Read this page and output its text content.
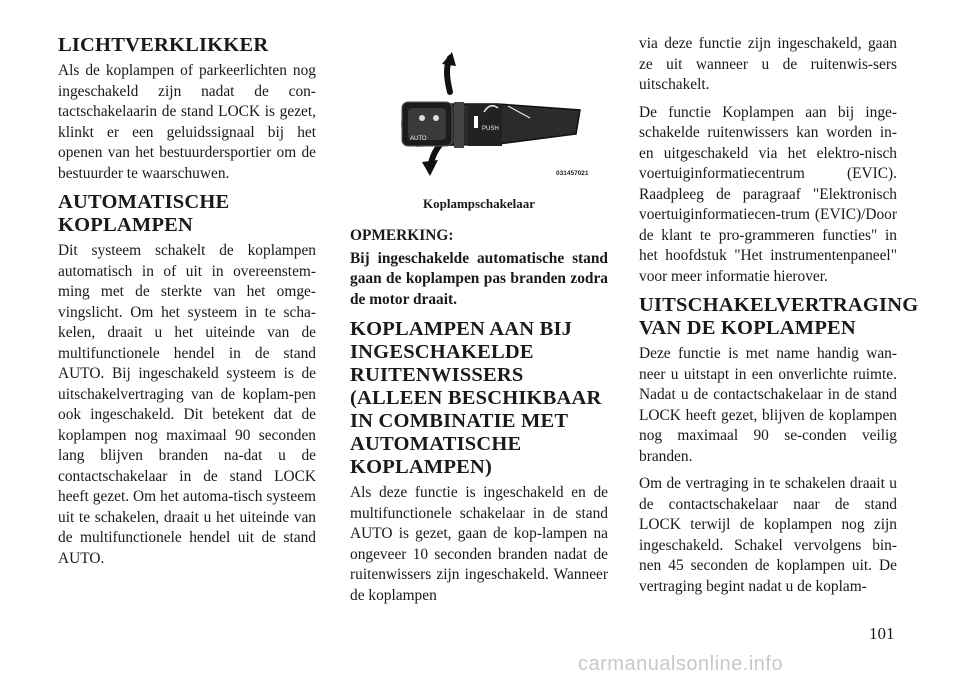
LICHTVERKLIKKER

Als de koplampen of parkeerlichten nog ingeschakeld zijn nadat de con-tactschakelaarin de stand LOCK is gezet, klinkt er een geluidssignaal bij het openen van het bestuurdersportier om de bestuurder te waarschuwen.

AUTOMATISCHE KOPLAMPEN

Dit systeem schakelt de koplampen automatisch in of uit in overeenstem-ming met de sterkte van het omge-vingslicht. Om het systeem in te scha-kelen, draait u het uiteinde van de multifunctionele hendel in de stand AUTO. Bij ingeschakeld systeem is de uitschakelvertraging van de koplam-pen ook ingeschakeld. Dit betekent dat de koplampen nog maximaal 90 seconden lang blijven branden na-dat u de contactschakelaar in de stand LOCK heeft gezet. Om het automa-tisch systeem uit te schakelen, draait u het uiteinde van de multifunctionele hendel uit de stand AUTO.

AUTO
PUSH
031457021
Koplampschakelaar
OPMERKING:
Bij ingeschakelde automatische stand gaan de koplampen pas branden zodra de motor draait.
KOPLAMPEN AAN BIJ INGESCHAKELDE RUITENWISSERS (ALLEEN BESCHIKBAAR IN COMBINATIE MET AUTOMATISCHE KOPLAMPEN)

Als deze functie is ingeschakeld en de multifunctionele schakelaar in de stand AUTO is gezet, gaan de kop-lampen na ongeveer 10 seconden branden nadat de ruitenwissers zijn ingeschakeld. Wanneer de koplampen

via deze functie zijn ingeschakeld, gaan ze uit wanneer u de ruitenwis-sers uitschakelt.

De functie Koplampen aan bij inge-schakelde ruitenwissers kan worden in- en uitgeschakeld via het elektro-nisch voertuiginformatiecentrum (EVIC). Raadpleeg de paragraaf "Elektronisch voertuiginformatiecen-trum (EVIC)/Door de klant te pro-grammeren functies" in het hoofdstuk "Het instrumentenpaneel" voor meer informatie hierover.

UITSCHAKELVERTRAGING VAN DE KOPLAMPEN

Deze functie is met name handig wan-neer u uitstapt in een onverlichte ruimte. Nadat u de contactschakelaar in de stand LOCK heeft gezet, blijven de koplampen nog maximaal 90 se-conden veilig branden.

Om de vertraging in te schakelen draait u de contactschakelaar naar de stand LOCK terwijl de koplampen nog zijn ingeschakeld. Schakel vervolgens bin-nen 45 seconden de koplampen uit. De vertraging begint nadat u de koplam-

101
carmanualsonline.info
